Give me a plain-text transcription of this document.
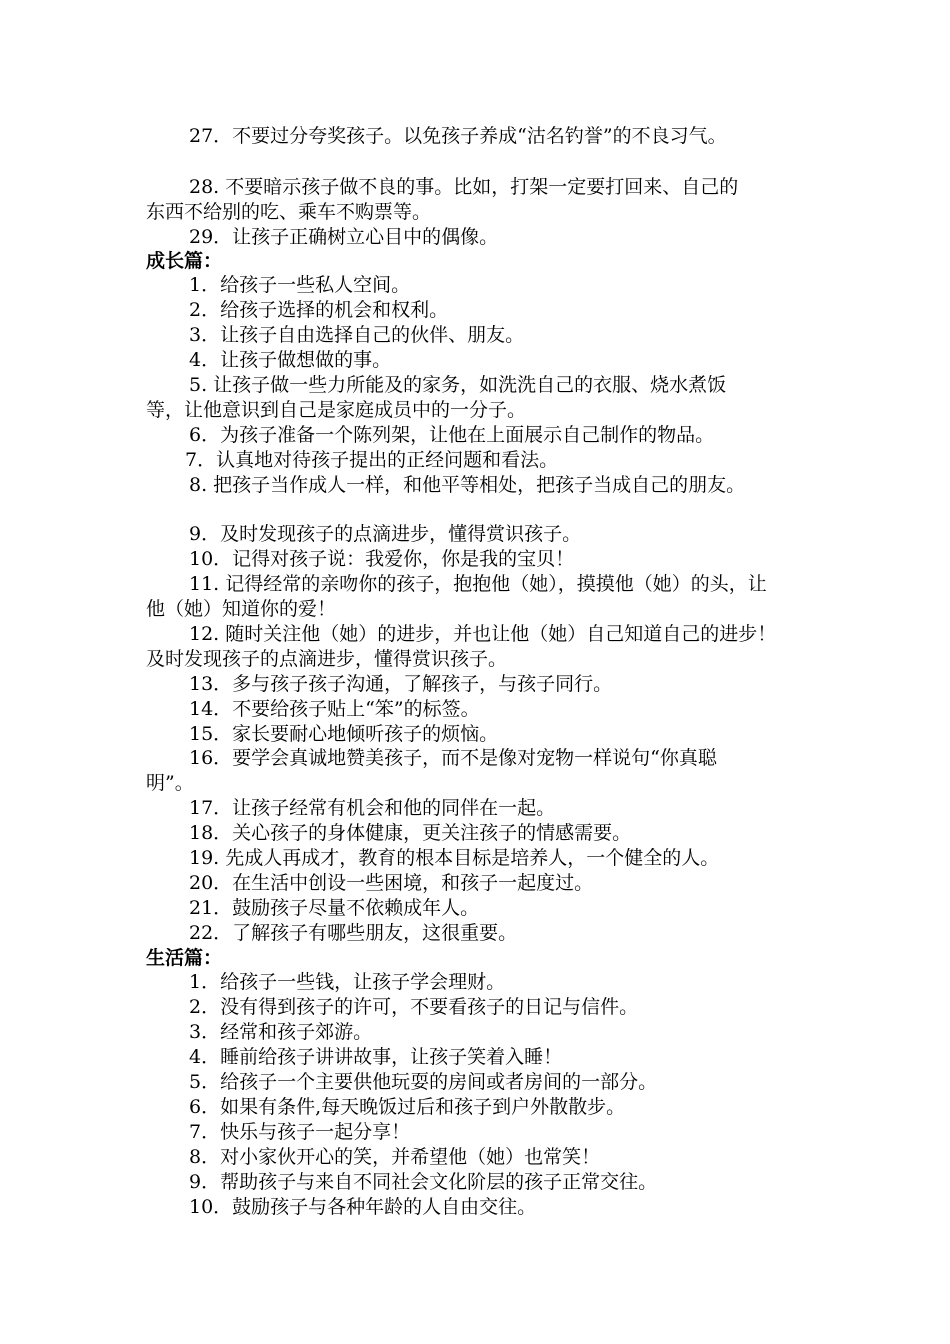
27．不要过分夸奖孩子。以免孩子养成“沽名钓誉”的不良习气。
28. 不要暗示孩子做不良的事。比如，打架一定要打回来、自己的
东西不给别的吃、乘车不购票等。
29．让孩子正确树立心目中的偶像。
成长篇：
1．给孩子一些私人空间。
2．给孩子选择的机会和权利。
3．让孩子自由选择自己的伙伴、朋友。
4．让孩子做想做的事。
5. 让孩子做一些力所能及的家务，如洗洗自己的衣服、烧水煮饭
等，让他意识到自己是家庭成员中的一分子。
6．为孩子准备一个陈列架，让他在上面展示自己制作的物品。
7．认真地对待孩子提出的正经问题和看法。
8. 把孩子当作成人一样，和他平等相处，把孩子当成自己的朋友。
9．及时发现孩子的点滴进步，懂得赏识孩子。
10．记得对孩子说：我爱你，你是我的宝贝！
11. 记得经常的亲吻你的孩子，抱抱他（她），摸摸他（她）的头，让
他（她）知道你的爱！
12. 随时关注他（她）的进步，并也让他（她）自己知道自己的进步！
及时发现孩子的点滴进步，懂得赏识孩子。
13．多与孩子孩子沟通，了解孩子，与孩子同行。
14．不要给孩子贴上“笨”的标签。
15．家长要耐心地倾听孩子的烦恼。
16．要学会真诚地赞美孩子，而不是像对宠物一样说句“你真聪
明”。
17．让孩子经常有机会和他的同伴在一起。
18．关心孩子的身体健康，更关注孩子的情感需要。
19. 先成人再成才，教育的根本目标是培养人，一个健全的人。
20．在生活中创设一些困境，和孩子一起度过。
21．鼓励孩子尽量不依赖成年人。
22．了解孩子有哪些朋友，这很重要。
生活篇：
1．给孩子一些钱，让孩子学会理财。
2．没有得到孩子的许可，不要看孩子的日记与信件。
3．经常和孩子郊游。
4．睡前给孩子讲讲故事，让孩子笑着入睡！
5．给孩子一个主要供他玩耍的房间或者房间的一部分。
6．如果有条件,每天晚饭过后和孩子到户外散散步。
7．快乐与孩子一起分享！
8．对小家伙开心的笑，并希望他（她）也常笑！
9．帮助孩子与来自不同社会文化阶层的孩子正常交往。
10．鼓励孩子与各种年龄的人自由交往。
